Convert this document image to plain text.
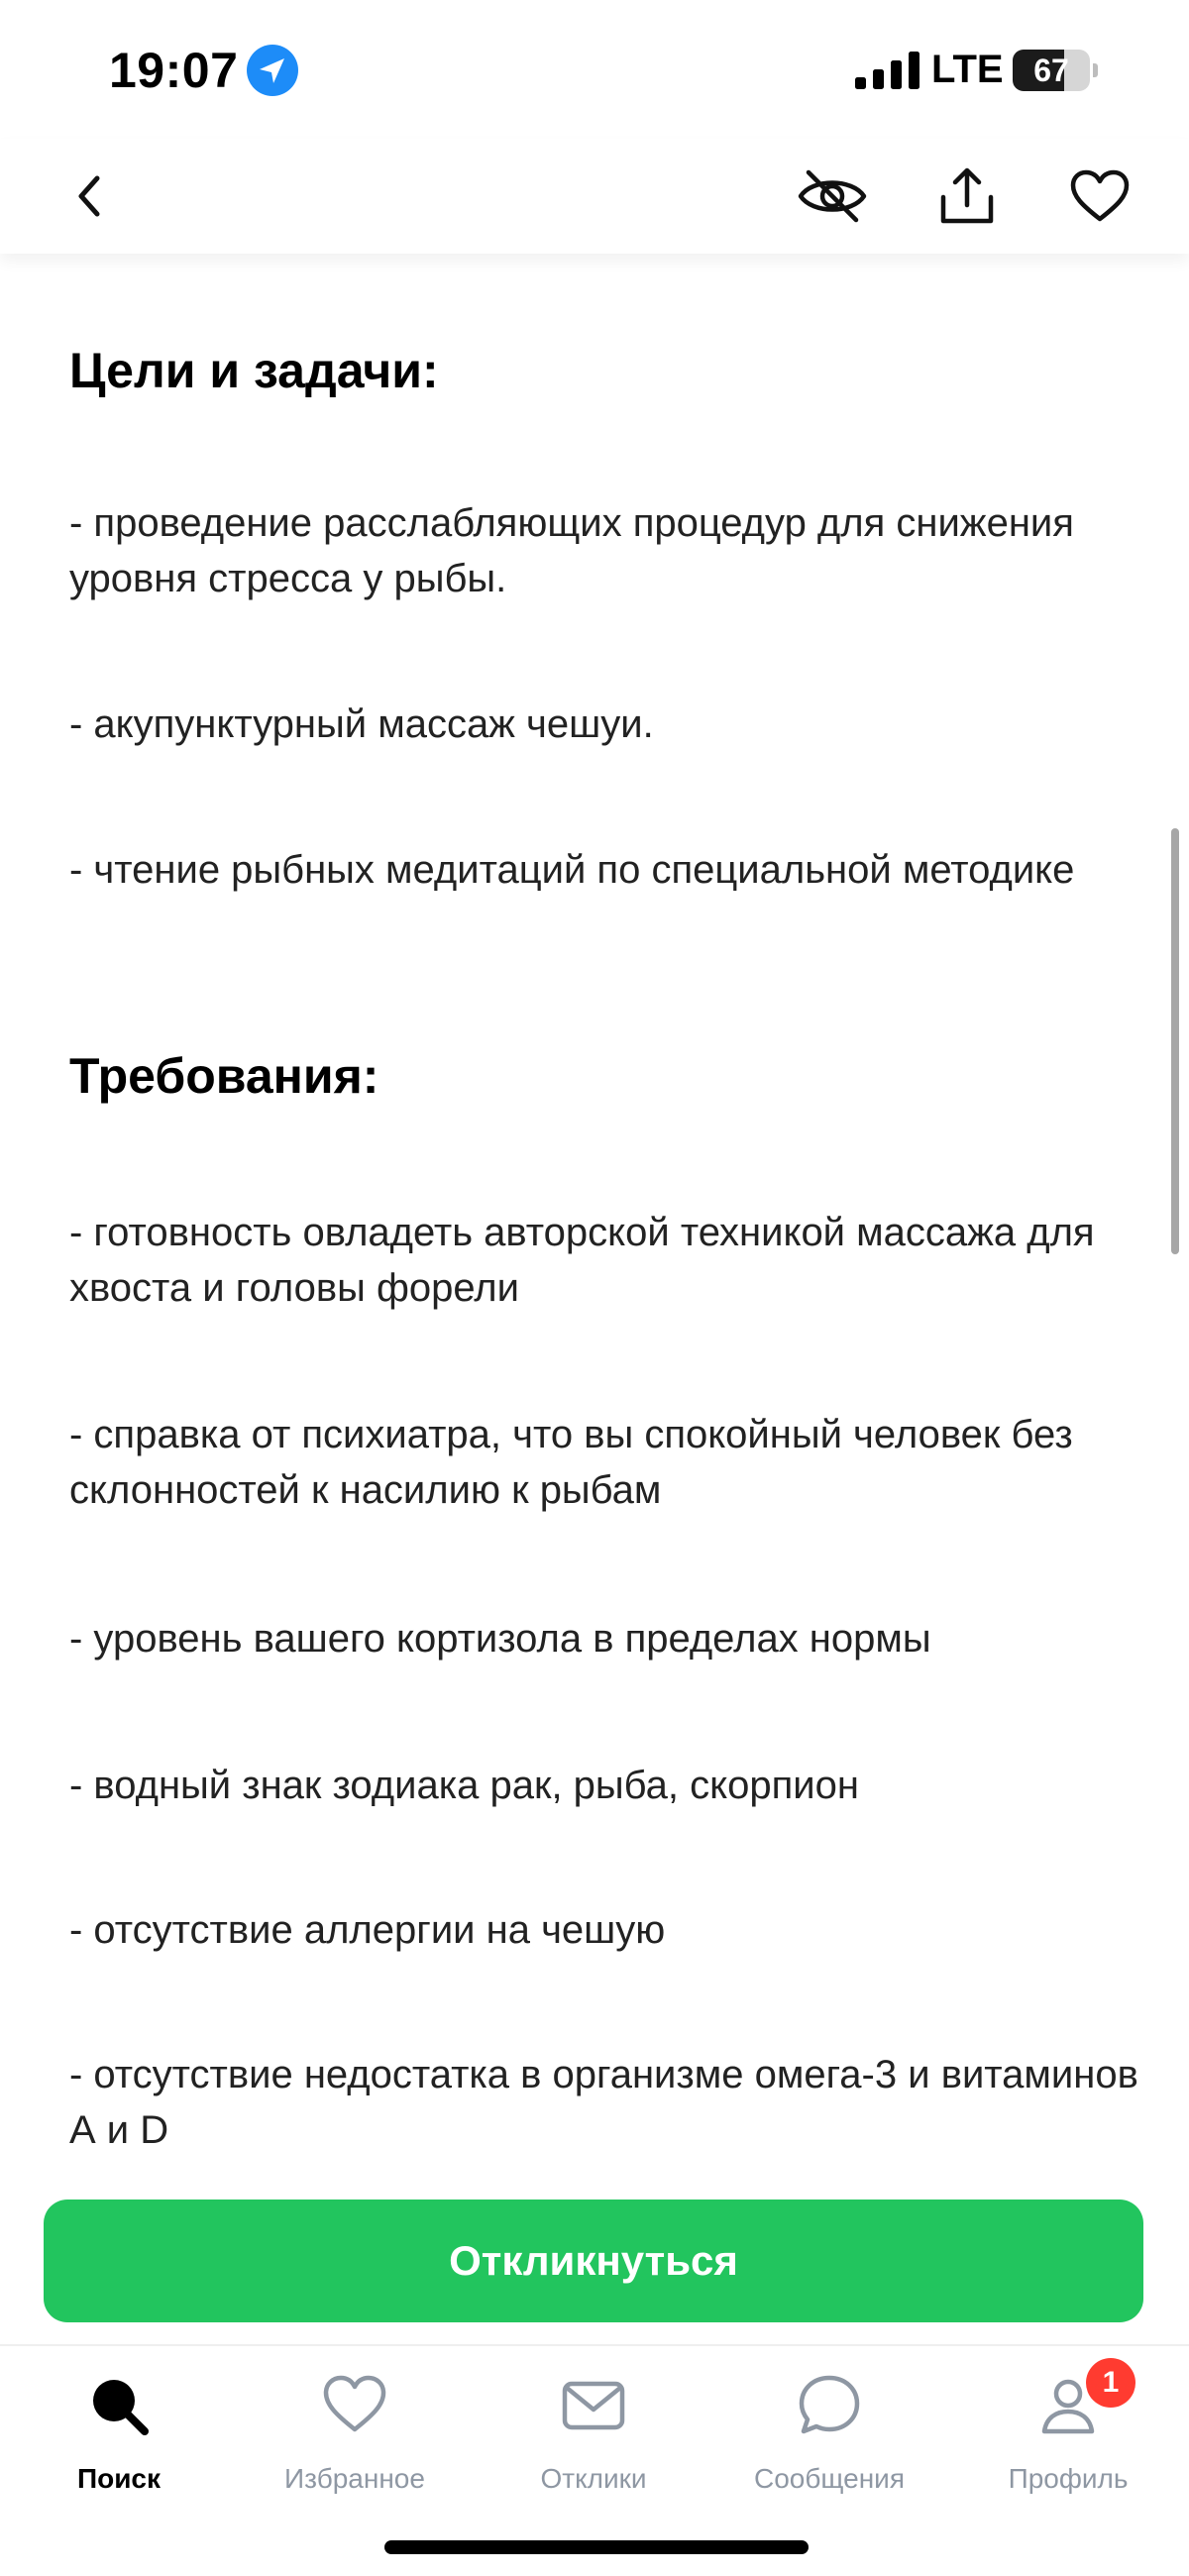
19:07	LTE 67
Цели и задачи:
- проведение расслабляющих процедур для снижения уровня стресса у рыбы.
- акупунктурный массаж чешуи.
- чтение рыбных медитаций по специальной методике
Требования:
- готовность овладеть авторской техникой массажа для хвоста и головы форели
- справка от психиатра, что вы спокойный человек без склонностей к насилию к рыбам
- уровень вашего кортизола в пределах нормы
- водный знак зодиака рак, рыба, скорпион
- отсутствие аллергии на чешую
- отсутствие недостатка в организме омега-3 и витаминов А и D
Откликнуться
Поиск	Избранное	Отклики	Сообщения
1
Профиль
